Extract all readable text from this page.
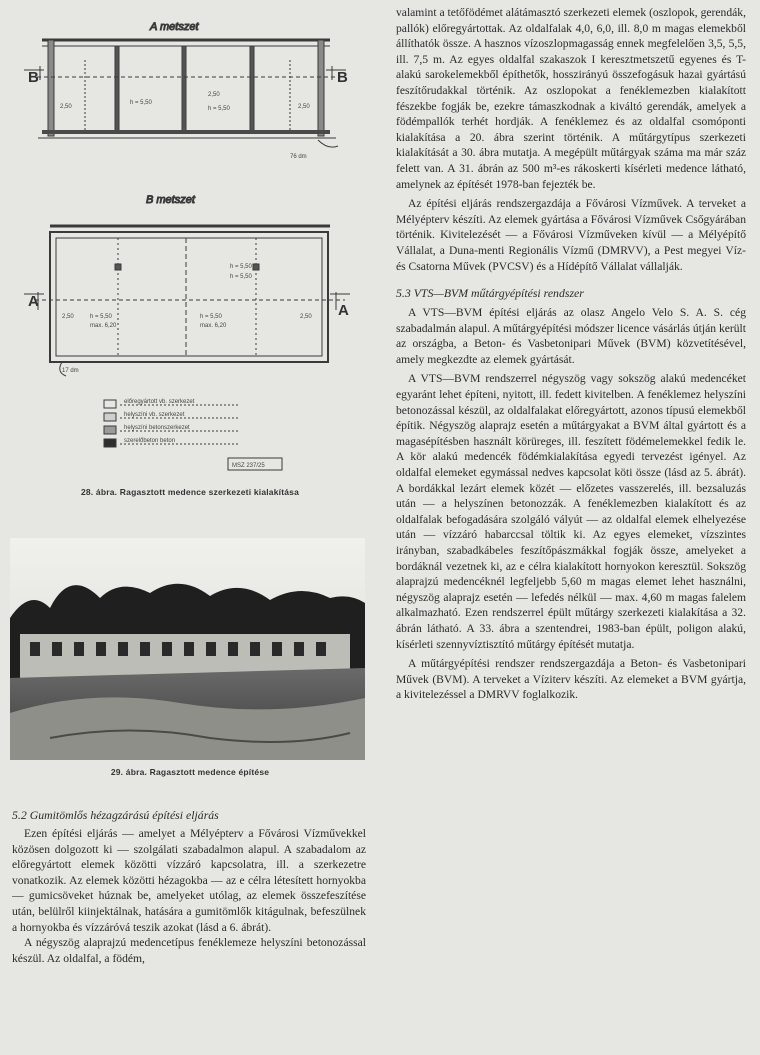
A metszet
B metszet
B	B
A
A
2,50
h = 5,50
2,50
h = 5,50	2,50
76 dm
h = 5,50
max. 6,20
h = 5,50
max. 6,20
2,50	2,50
h = 5,50
h = 5,50
17 dm
előregyártott vb. szerkezet
helyszíni vb. szerkezet
helyszíni betonszerkezet
szerelőbeton beton
MSZ 237/25
28. ábra. Ragasztott medence szerkezeti kialakítása
29. ábra. Ragasztott medence építése

5.2 Gumitömlős hézagzárású építési eljárás

Ezen építési eljárás — amelyet a Mélyépterv a Fővárosi Vízművekkel közösen dolgozott ki — szolgálati szabadalmon alapul. A szabadalom az előregyártott elemek közötti vízzáró kapcsolatra, ill. a szerkezetre vonatkozik. Az elemek közötti hézagokba — az e célra létesített hornyokba — gumicsöveket húznak be, amelyeket utólag, az elemek összefeszítése után, belülről kiinjektálnak, hatására a gumitömlők kitágulnak, befeszülnek a hornyokba és vízzáróvá teszik azokat (lásd a 6. ábrát).

A négyszög alaprajzú medencetípus fenéklemeze helyszíni betonozással készül. Az oldalfal, a födém,

valamint a tetőfödémet alátámasztó szerkezeti elemek (oszlopok, gerendák, pallók) előregyártottak. Az oldalfalak 4,0, 6,0, ill. 8,0 m magas elemekből állíthatók össze. A hasznos vízoszlopmagasság ennek megfelelően 3,5, 5,5, ill. 7,5 m. Az egyes oldalfal szakaszok I keresztmetszetű egyenes és T-alakú sarokelemekből építhetők, hosszirányú összefogásuk hazai gyártású feszítőrudakkal történik. Az oszlopokat a fenéklemezben kialakított fészekbe fogják be, ezekre támaszkodnak a kiváltó gerendák, amelyek a födémpallók terhét hordják. A fenéklemez és az oldalfal csomóponti kialakítása a 20. ábra szerint történik. A műtárgytípus szerkezeti kialakítását a 30. ábra mutatja. A megépült műtárgyak száma ma már száz felett van. A 31. ábrán az 500 m³-es rákoskerti kísérleti medence látható, amelynek az építését 1978-ban fejezték be.

Az építési eljárás rendszergazdája a Fővárosi Vízművek. A terveket a Mélyépterv készíti. Az elemek gyártása a Fővárosi Vízművek Csőgyárában történik. Kivitelezését — a Fővárosi Vízműveken kívül — a Mélyépítő Vállalat, a Duna-menti Regionális Vízmű (DMRVV), a Pest megyei Víz- és Csatorna Művek (PVCSV) és a Hídépítő Vállalat vállalják.

5.3 VTS—BVM műtárgyépítési rendszer

A VTS—BVM építési eljárás az olasz Angelo Velo S. A. S. cég szabadalmán alapul. A műtárgyépítési módszer licence vásárlás útján került az országba, a Beton- és Vasbetonipari Művek (BVM) közvetítésével, amely megkezdte az elemek gyártását.

A VTS—BVM rendszerrel négyszög vagy sokszög alakú medencéket egyaránt lehet építeni, nyitott, ill. fedett kivitelben. A fenéklemez helyszíni betonozással készül, az oldalfalakat előregyártott, azonos típusú elemekből építik. Négyszög alaprajz esetén a műtárgyakat a BVM által gyártott és a magasépítésben használt körüreges, ill. feszített födémelemekkel fedik le. A kör alakú medencék födémkialakítása egyedi tervezést igényel. Az oldalfal elemeket egymással nedves kapcsolat köti össze (lásd az 5. ábrát). A bordákkal lezárt elemek közét — előzetes vasszerelés, ill. bezsaluzás után — a helyszínen betonozzák. A fenéklemezben kialakított és az oldalfalak befogadására szolgáló vályút — az oldalfal elemek elhelyezése után — vízzáró habarccsal töltik ki. Az egyes elemeket, vízszintes irányban, szabadkábeles feszítőpászmákkal fogják össze, amelyeket a bordáknál vezetnek ki, az e célra kialakított hornyokon keresztül. Sokszög alaprajzú medencéknél legfeljebb 5,60 m magas elemet lehet használni, négyszög alaprajz esetén — lefedés nélkül — max. 4,60 m magas falelem alkalmazható. Ezen rendszerrel épült műtárgy szerkezeti kialakítása a 32. ábrán látható. A 33. ábra a szentendrei, 1983-ban épült, poligon alakú, kísérleti szennyvíztisztító műtárgy építését mutatja.

A műtárgyépítési rendszer rendszergazdája a Beton- és Vasbetonipari Művek (BVM). A terveket a Víziterv készíti. Az elemeket a BVM gyártja, a kivitelezéssel a DMRVV foglalkozik.
